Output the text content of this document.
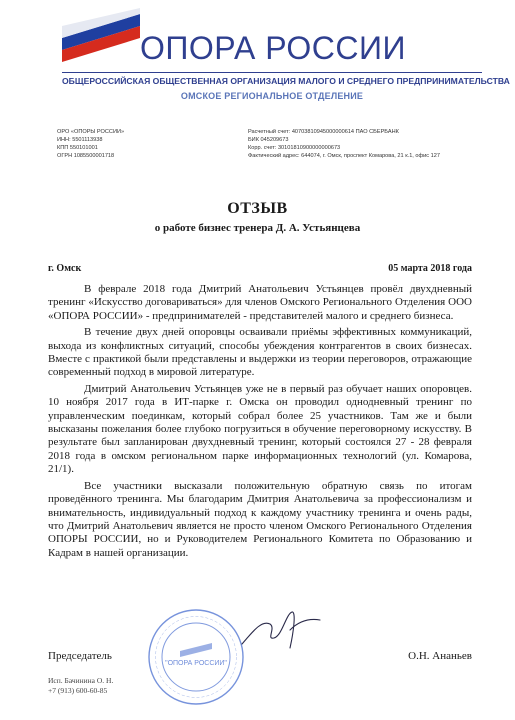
ОПОРА РОССИИ
ОБЩЕРОССИЙСКАЯ ОБЩЕСТВЕННАЯ ОРГАНИЗАЦИЯ МАЛОГО И СРЕДНЕГО ПРЕДПРИНИМАТЕЛЬСТВА
ОМСКОЕ РЕГИОНАЛЬНОЕ ОТДЕЛЕНИЕ
ОРО «ОПОРЫ РОССИИ»
ИНН: 5501113938
КПП 550101001
ОГРН 1085500001718
Расчетный счет: 40703810945000000614 ПАО СБЕРБАНК
БИК 045209673
Корр. счет: 30101810900000000673
Фактический адрес: 644074, г. Омск, проспект Комарова, 21 к.1, офис 127
ОТЗЫВ
о работе бизнес тренера Д. А. Устьянцева
г. Омск	05 марта 2018 года

В феврале 2018 года Дмитрий Анатольевич Устьянцев провёл двухдневный тренинг «Искусство договариваться» для членов Омского Регионального Отделения ООО «ОПОРА РОССИИ» - предпринимателей - представителей малого и среднего бизнеса.

В течение двух дней опоровцы осваивали приёмы эффективных коммуникаций, выхода из конфликтных ситуаций, способы убеждения контрагентов в своих бизнесах. Вместе с практикой были представлены и выдержки из теории переговоров, отражающие современный подход в мировой литературе.

Дмитрий Анатольевич Устьянцев уже не в первый раз обучает наших опоровцев. 10 ноября 2017 года в ИТ-парке г. Омска он проводил однодневный тренинг по управленческим поединкам, который собрал более 25 участников. Там же и были высказаны пожелания более глубоко погрузиться в обучение переговорному искусству. В результате был запланирован двухдневный тренинг, который состоялся 27 - 28 февраля 2018 года в омском региональном парке информационных технологий (ул. Комарова, 21/1).

Все участники высказали положительную обратную связь по итогам проведённого тренинга. Мы благодарим Дмитрия Анатольевича за профессионализм и внимательность, индивидуальный подход к каждому участнику тренинга и очень рады, что Дмитрий Анатольевич является не просто членом Омского Регионального Отделения ОПОРЫ РОССИИ, но и Руководителем Регионального Комитета по Образованию и Кадрам в нашей организации.

"ОПОРА РОССИИ"
Председатель	О.Н. Ананьев
Исп. Бачинина О. Н.
+7 (913) 600-60-85
